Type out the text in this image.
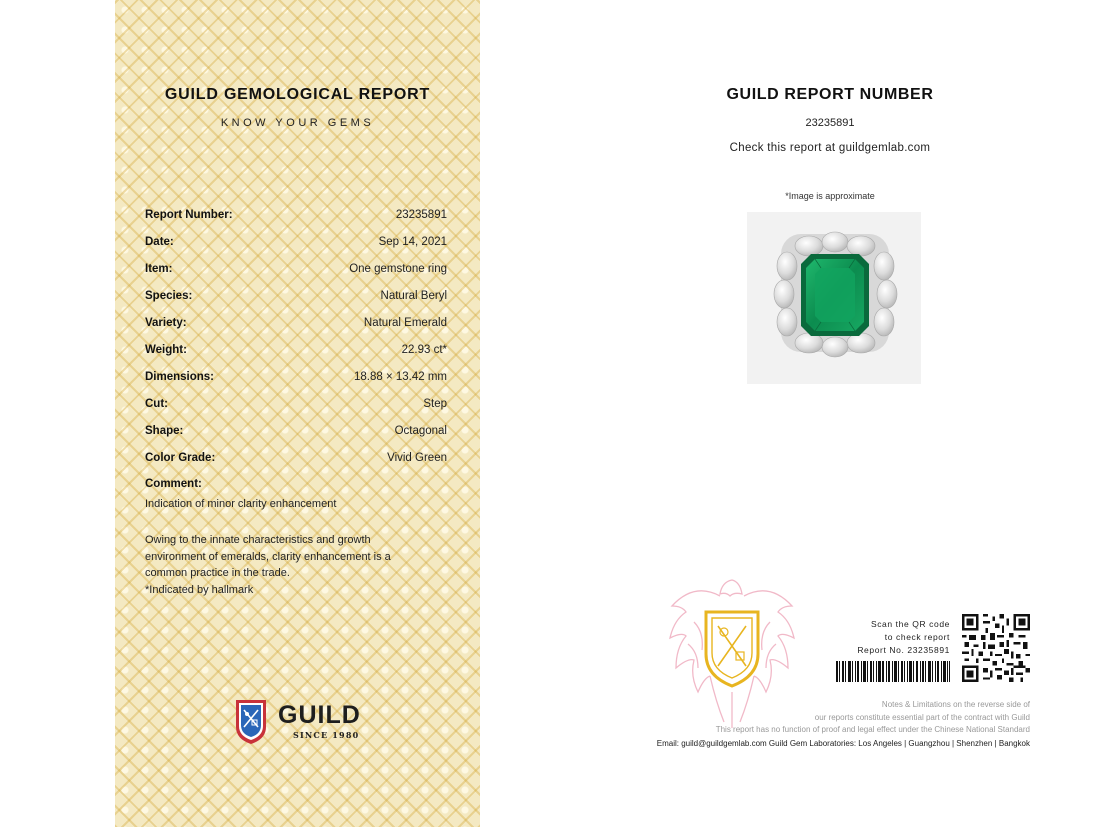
GUILD GEMOLOGICAL REPORT
KNOW YOUR GEMS
Report Number:	23235891
Date:	Sep 14, 2021
Item:	One gemstone ring
Species:	Natural Beryl
Variety:	Natural Emerald
Weight:	22.93 ct*
Dimensions:	18.88 × 13.42 mm
Cut:	Step
Shape:	Octagonal
Color Grade:	Vivid Green
Comment:
Indication of minor clarity enhancement
Owing to the innate characteristics and growth
environment of emeralds, clarity enhancement is a
common practice in the trade.
*Indicated by hallmark
GUILD
SINCE 1980
GUILD REPORT NUMBER
23235891
Check this report at guildgemlab.com
*Image is approximate
Scan the QR code
to check report
Report No. 23235891
Notes & Limitations on the reverse side of
our reports constitute essential part of the contract with Guild
This report has no function of proof and legal effect under the Chinese National Standard
Email: guild@guildgemlab.com Guild Gem Laboratories: Los Angeles | Guangzhou | Shenzhen | Bangkok
